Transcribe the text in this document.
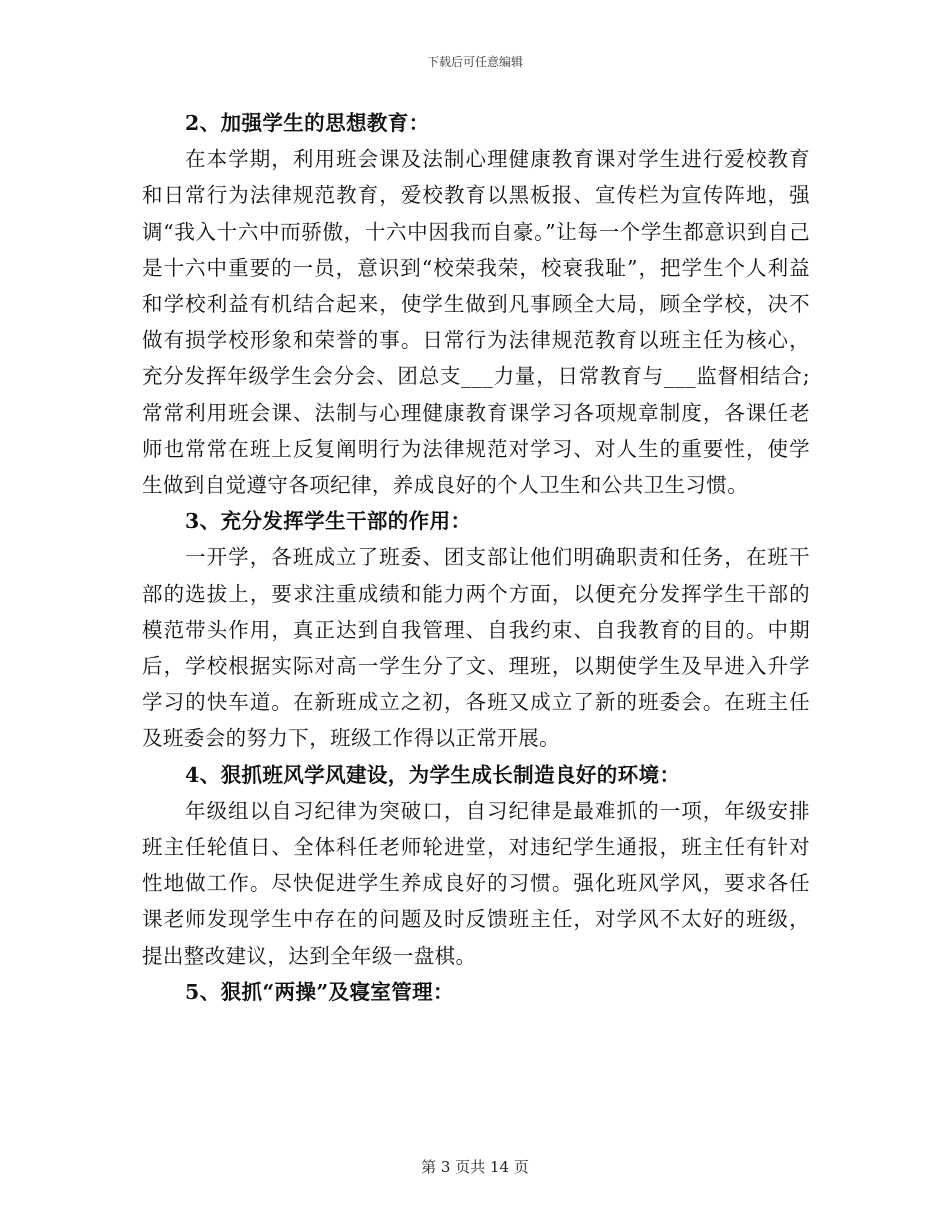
下载后可任意编辑

2、加强学生的思想教育：

在本学期，利用班会课及法制心理健康教育课对学生进行爱校教育和日常行为法律规范教育，爱校教育以黑板报、宣传栏为宣传阵地，强调“我入十六中而骄傲，十六中因我而自豪。”让每一个学生都意识到自己是十六中重要的一员，意识到“校荣我荣，校衰我耻”，把学生个人利益和学校利益有机结合起来，使学生做到凡事顾全大局，顾全学校，决不做有损学校形象和荣誉的事。日常行为法律规范教育以班主任为核心，充分发挥年级学生会分会、团总支___力量，日常教育与___监督相结合;常常利用班会课、法制与心理健康教育课学习各项规章制度，各课任老师也常常在班上反复阐明行为法律规范对学习、对人生的重要性，使学生做到自觉遵守各项纪律，养成良好的个人卫生和公共卫生习惯。

3、充分发挥学生干部的作用：

一开学，各班成立了班委、团支部让他们明确职责和任务，在班干部的选拔上，要求注重成绩和能力两个方面，以便充分发挥学生干部的模范带头作用，真正达到自我管理、自我约束、自我教育的目的。中期后，学校根据实际对高一学生分了文、理班，以期使学生及早进入升学学习的快车道。在新班成立之初，各班又成立了新的班委会。在班主任及班委会的努力下，班级工作得以正常开展。

4、狠抓班风学风建设，为学生成长制造良好的环境：

年级组以自习纪律为突破口，自习纪律是最难抓的一项，年级安排班主任轮值日、全体科任老师轮进堂，对违纪学生通报，班主任有针对性地做工作。尽快促进学生养成良好的习惯。强化班风学风，要求各任课老师发现学生中存在的问题及时反馈班主任，对学风不太好的班级，提出整改建议，达到全年级一盘棋。

5、狠抓“两操”及寝室管理：

第 3 页共 14 页
